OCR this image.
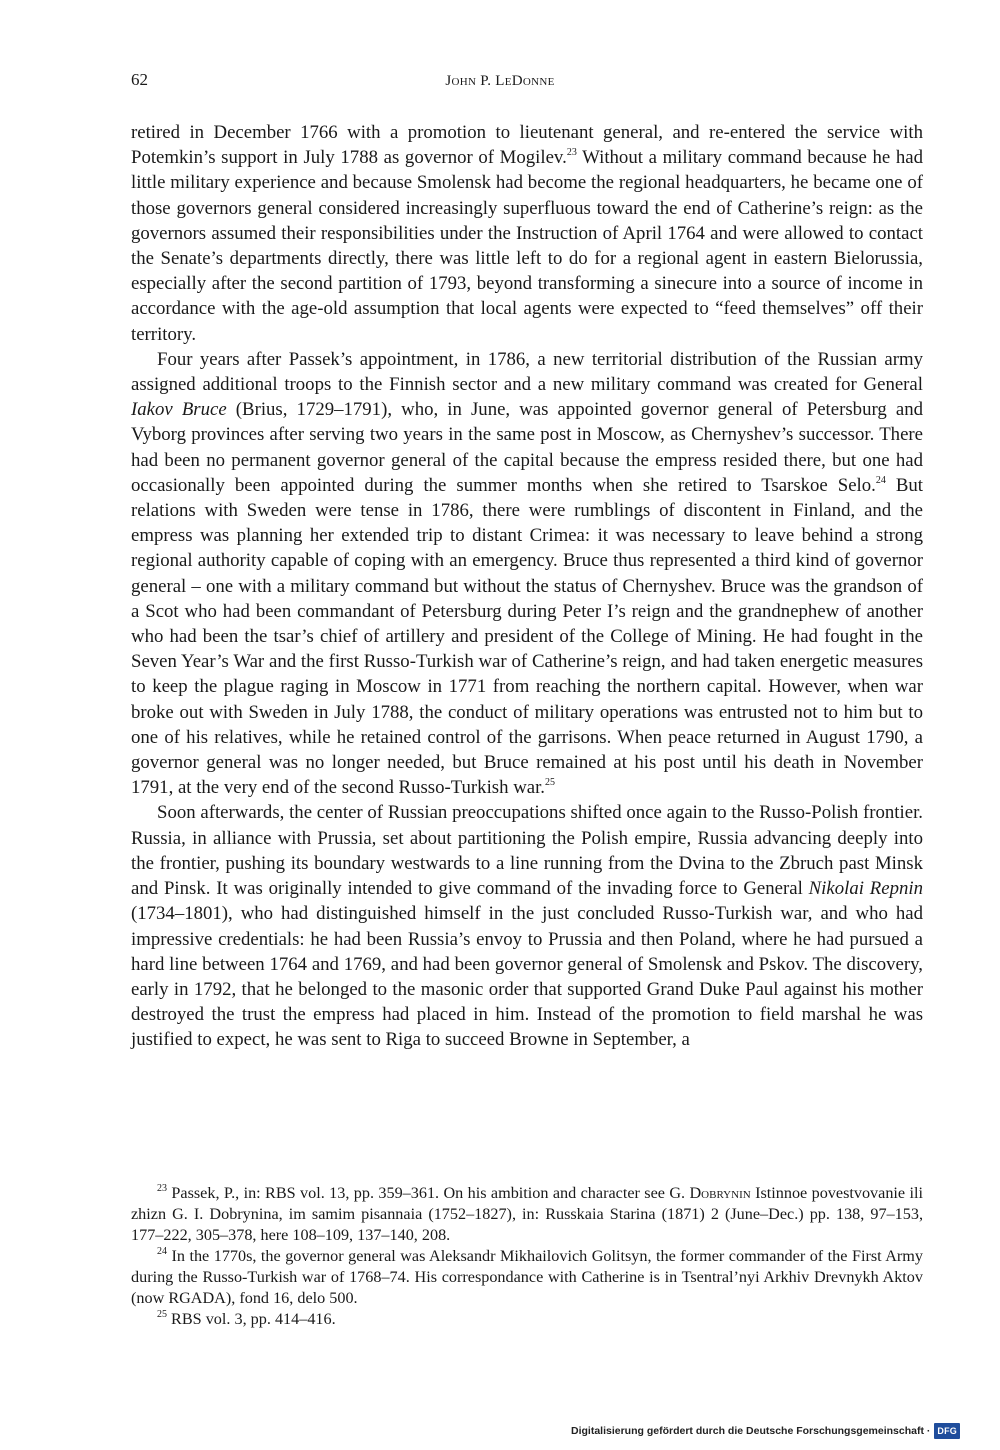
62	John P. LeDonne

retired in December 1766 with a promotion to lieutenant general, and re-entered the service with Potemkin’s support in July 1788 as governor of Mogilev.$^{23}$ Without a military command because he had little military experience and because Smolensk had become the regional headquarters, he became one of those governors general considered increasingly superfluous toward the end of Catherine’s reign: as the governors assumed their responsibilities under the Instruction of April 1764 and were allowed to contact the Senate’s departments directly, there was little left to do for a regional agent in eastern Bielorussia, especially after the second partition of 1793, beyond transforming a sinecure into a source of income in accordance with the age-old assumption that local agents were expected to “feed themselves” off their territory.

Four years after Passek’s appointment, in 1786, a new territorial distribution of the Russian army assigned additional troops to the Finnish sector and a new military command was created for General Iakov Bruce (Brius, 1729–1791), who, in June, was appointed governor general of Petersburg and Vyborg provinces after serving two years in the same post in Moscow, as Chernyshev’s successor. There had been no permanent governor general of the capital because the empress resided there, but one had occasionally been appointed during the summer months when she retired to Tsarskoe Selo.$^{24}$ But relations with Sweden were tense in 1786, there were rumblings of discontent in Finland, and the empress was planning her extended trip to distant Crimea: it was necessary to leave behind a strong regional authority capable of coping with an emergency. Bruce thus represented a third kind of governor general – one with a military command but without the status of Chernyshev. Bruce was the grandson of a Scot who had been commandant of Petersburg during Peter I’s reign and the grandnephew of another who had been the tsar’s chief of artillery and president of the College of Mining. He had fought in the Seven Year’s War and the first Russo-Turkish war of Catherine’s reign, and had taken energetic measures to keep the plague raging in Moscow in 1771 from reaching the northern capital. However, when war broke out with Sweden in July 1788, the conduct of military operations was entrusted not to him but to one of his relatives, while he retained control of the garrisons. When peace returned in August 1790, a governor general was no longer needed, but Bruce remained at his post until his death in November 1791, at the very end of the second Russo-Turkish war.$^{25}$

Soon afterwards, the center of Russian preoccupations shifted once again to the Russo-Polish frontier. Russia, in alliance with Prussia, set about partitioning the Polish empire, Russia advancing deeply into the frontier, pushing its boundary westwards to a line running from the Dvina to the Zbruch past Minsk and Pinsk. It was originally intended to give command of the invading force to General Nikolai Repnin (1734–1801), who had distinguished himself in the just concluded Russo-Turkish war, and who had impressive credentials: he had been Russia’s envoy to Prussia and then Poland, where he had pursued a hard line between 1764 and 1769, and had been governor general of Smolensk and Pskov. The discovery, early in 1792, that he belonged to the masonic order that supported Grand Duke Paul against his mother destroyed the trust the empress had placed in him. Instead of the promotion to field marshal he was justified to expect, he was sent to Riga to succeed Browne in September, a

$^{23}$ Passek, P., in: RBS vol. 13, pp. 359–361. On his ambition and character see G. Dobrynin Istinnoe povestvovanie ili zhizn G. I. Dobrynina, im samim pisannaia (1752–1827), in: Russkaia Starina (1871) 2 (June–Dec.) pp. 138, 97–153, 177–222, 305–378, here 108–109, 137–140, 208.

$^{24}$ In the 1770s, the governor general was Aleksandr Mikhailovich Golitsyn, the former commander of the First Army during the Russo-Turkish war of 1768–74. His correspondance with Catherine is in Tsentral’nyi Arkhiv Drevnykh Aktov (now RGADA), fond 16, delo 500.

$^{25}$ RBS vol. 3, pp. 414–416.

Digitalisierung gefördert durch die Deutsche Forschungsgemeinschaft · DFG
